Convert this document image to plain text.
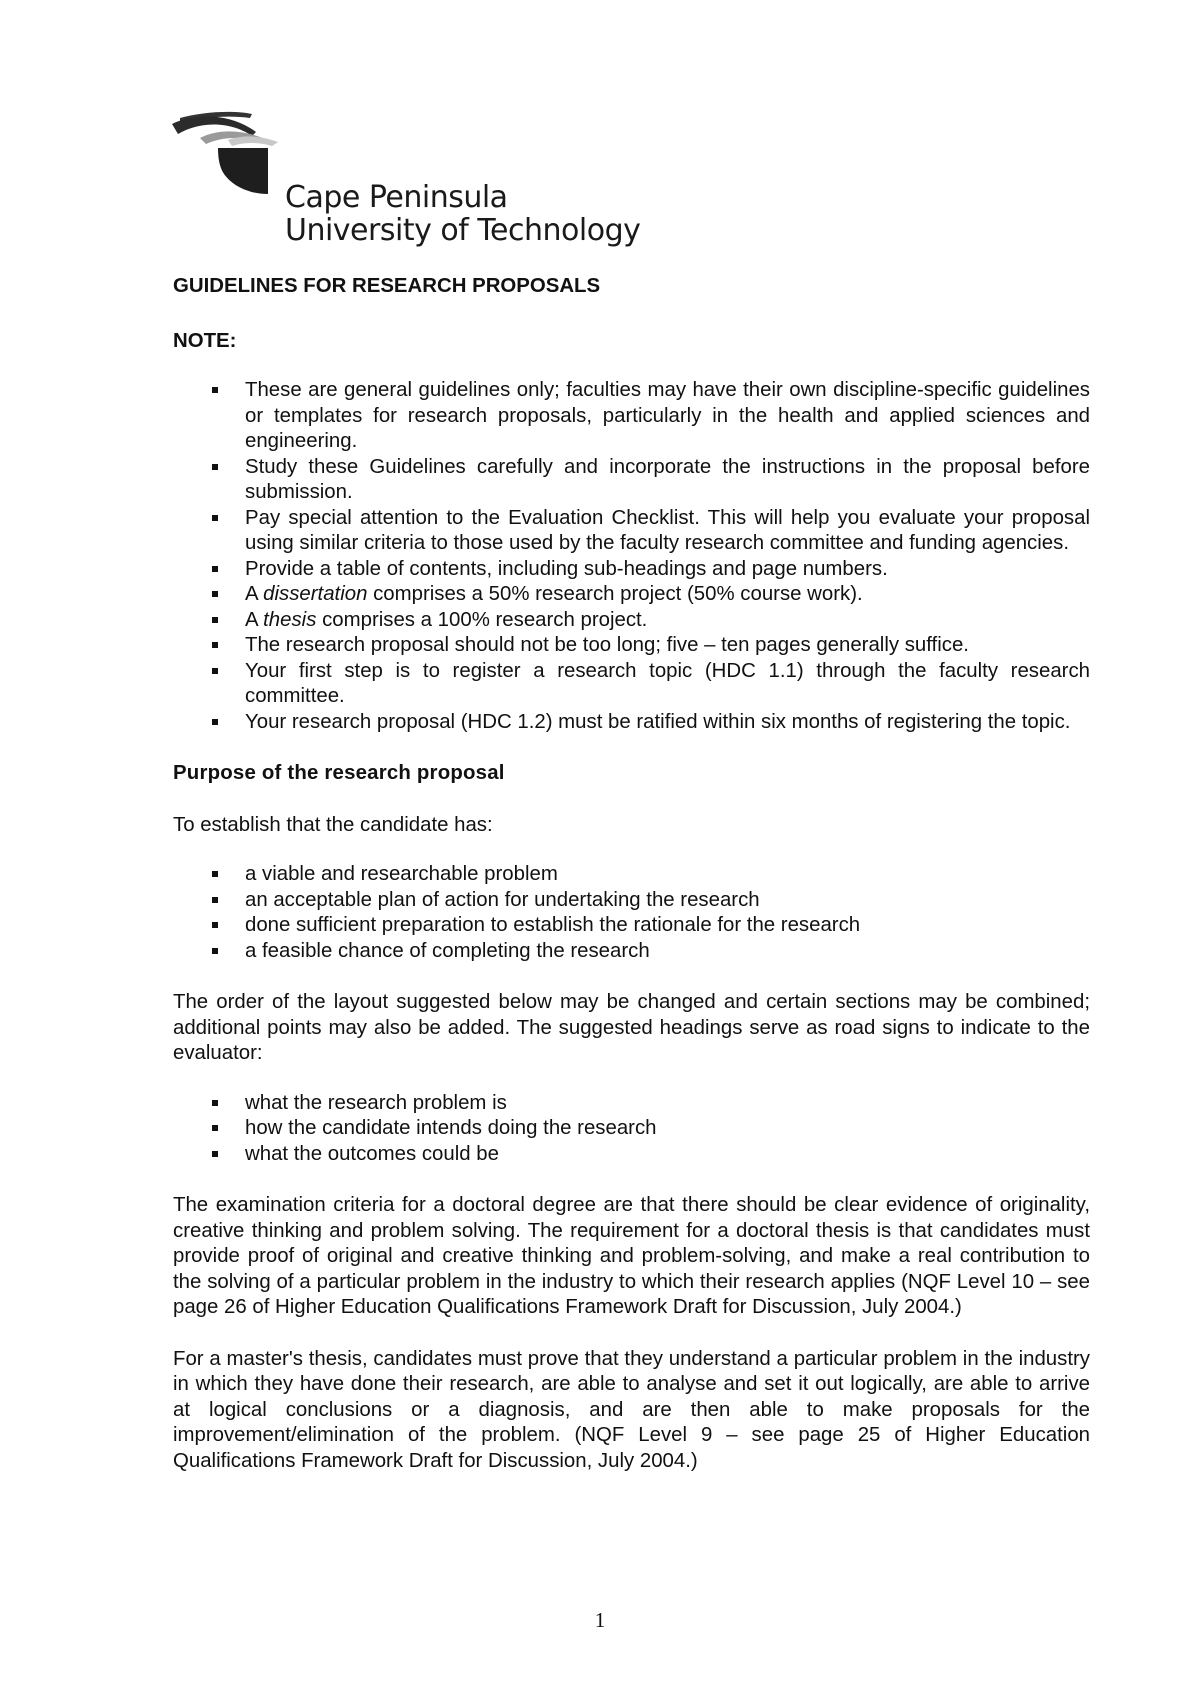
Cape Peninsula
University of Technology

GUIDELINES FOR RESEARCH PROPOSALS

NOTE:

These are general guidelines only; faculties may have their own discipline-specific guidelines or templates for research proposals, particularly in the health and applied sciences and engineering.
Study these Guidelines carefully and incorporate the instructions in the proposal before submission.
Pay special attention to the Evaluation Checklist. This will help you evaluate your proposal using similar criteria to those used by the faculty research committee and funding agencies.
Provide a table of contents, including sub-headings and page numbers.
A dissertation comprises a 50% research project (50% course work).
A thesis comprises a 100% research project.
The research proposal should not be too long; five – ten pages generally suffice.
Your first step is to register a research topic (HDC 1.1) through the faculty research committee.
Your research proposal (HDC 1.2) must be ratified within six months of registering the topic.

Purpose of the research proposal

To establish that the candidate has:

a viable and researchable problem
an acceptable plan of action for undertaking the research
done sufficient preparation to establish the rationale for the research
a feasible chance of completing the research

The order of the layout suggested below may be changed and certain sections may be combined; additional points may also be added. The suggested headings serve as road signs to indicate to the evaluator:

what the research problem is
how the candidate intends doing the research
what the outcomes could be

The examination criteria for a doctoral degree are that there should be clear evidence of originality, creative thinking and problem solving. The requirement for a doctoral thesis is that candidates must provide proof of original and creative thinking and problem-solving, and make a real contribution to the solving of a particular problem in the industry to which their research applies (NQF Level 10 – see page 26 of Higher Education Qualifications Framework Draft for Discussion, July 2004.)

For a master's thesis, candidates must prove that they understand a particular problem in the industry in which they have done their research, are able to analyse and set it out logically, are able to arrive at logical conclusions or a diagnosis, and are then able to make proposals for the improvement/elimination of the problem. (NQF Level 9 – see page 25 of Higher Education Qualifications Framework Draft for Discussion, July 2004.)

1
